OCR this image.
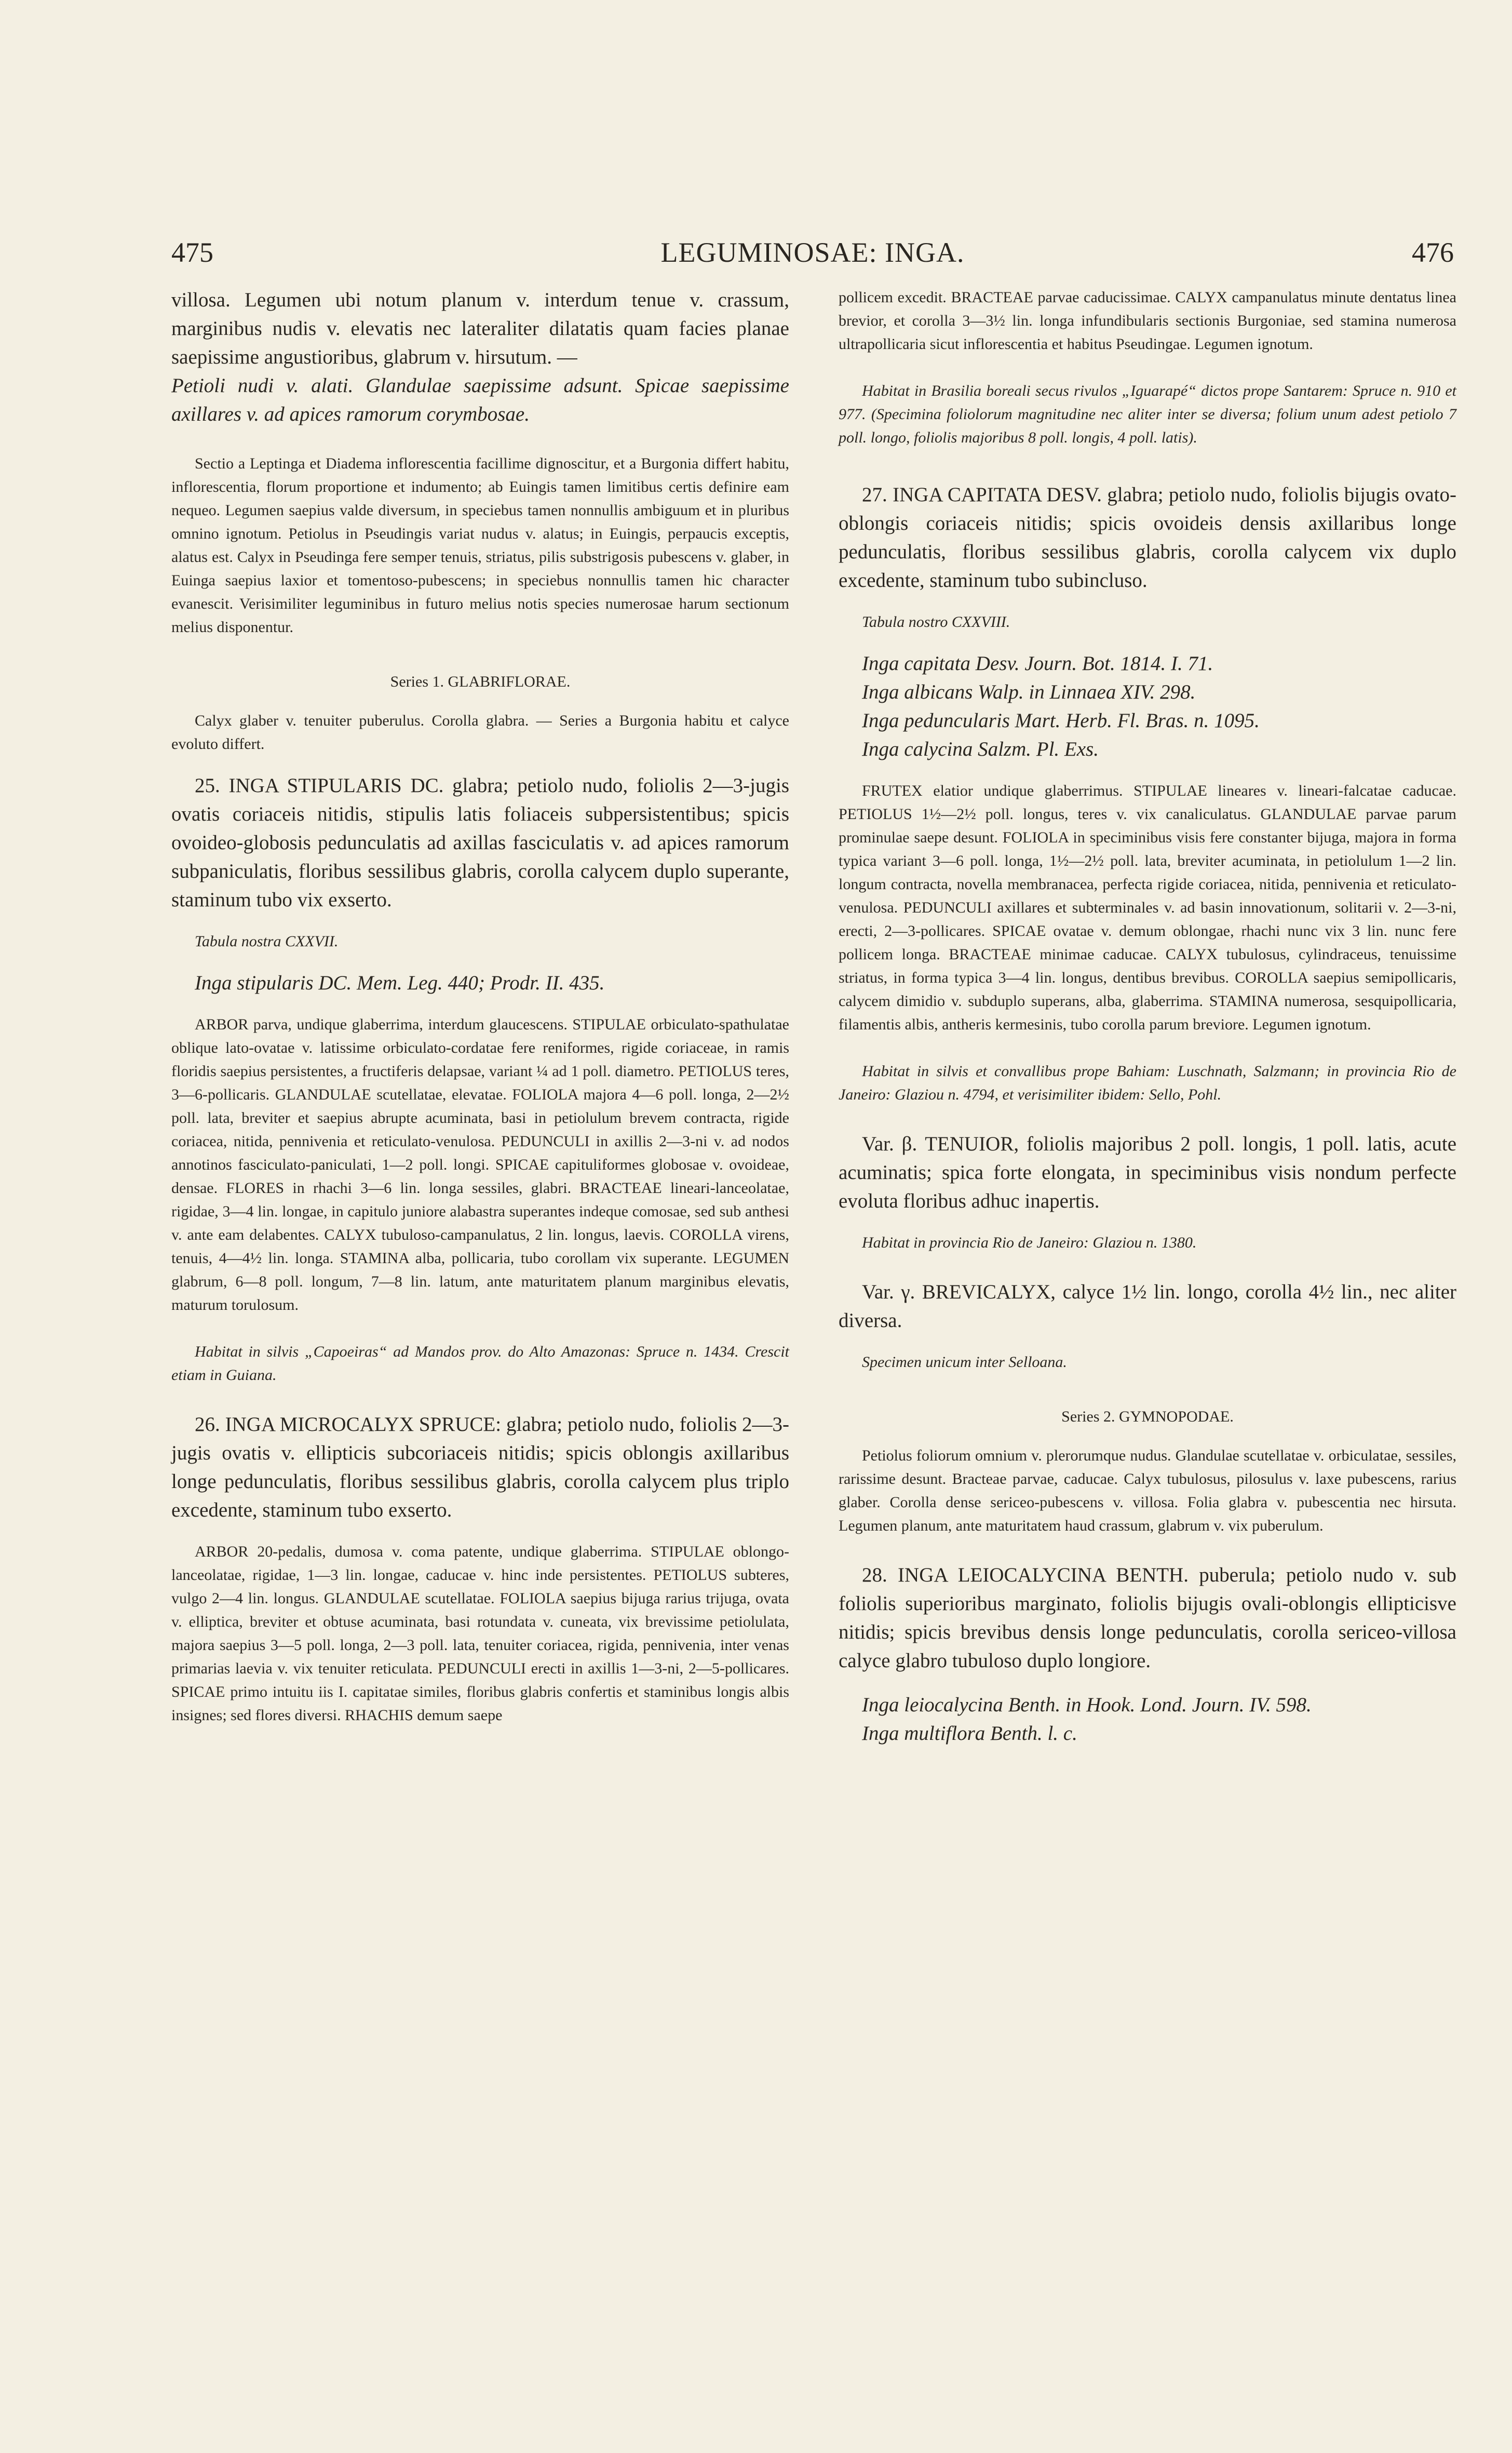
475	LEGUMINOSAE: INGA.	476

villosa. Legumen ubi notum planum v. interdum tenue v. crassum, marginibus nudis v. elevatis nec lateraliter dilatatis quam facies planae saepissime angustioribus, glabrum v. hirsutum. —

Petioli nudi v. alati. Glandulae saepissime adsunt. Spicae saepissime axillares v. ad apices ramorum corymbosae.

Sectio a Leptinga et Diadema inflorescentia facillime dignoscitur, et a Burgonia differt habitu, inflorescentia, florum proportione et indumento; ab Euingis tamen limitibus certis definire eam nequeo. Legumen saepius valde diversum, in speciebus tamen nonnullis ambiguum et in pluribus omnino ignotum. Petiolus in Pseudingis variat nudus v. alatus; in Euingis, perpaucis exceptis, alatus est. Calyx in Pseudinga fere semper tenuis, striatus, pilis substrigosis pubescens v. glaber, in Euinga saepius laxior et tomentoso-pubescens; in speciebus nonnullis tamen hic character evanescit. Verisimiliter leguminibus in futuro melius notis species numerosae harum sectionum melius disponentur.

Series 1. GLABRIFLORAE.

Calyx glaber v. tenuiter puberulus. Corolla glabra. — Series a Burgonia habitu et calyce evoluto differt.

25. INGA STIPULARIS DC. glabra; petiolo nudo, foliolis 2—3-jugis ovatis coriaceis nitidis, stipulis latis foliaceis subpersistentibus; spicis ovoideo-globosis pedunculatis ad axillas fasciculatis v. ad apices ramorum subpaniculatis, floribus sessilibus glabris, corolla calycem duplo superante, staminum tubo vix exserto.

Tabula nostra CXXVII.

Inga stipularis DC. Mem. Leg. 440; Prodr. II. 435.

ARBOR parva, undique glaberrima, interdum glaucescens. STIPULAE orbiculato-spathulatae oblique lato-ovatae v. latissime orbiculato-cordatae fere reniformes, rigide coriaceae, in ramis floridis saepius persistentes, a fructiferis delapsae, variant ¼ ad 1 poll. diametro. PETIOLUS teres, 3—6-pollicaris. GLANDULAE scutellatae, elevatae. FOLIOLA majora 4—6 poll. longa, 2—2½ poll. lata, breviter et saepius abrupte acuminata, basi in petiolulum brevem contracta, rigide coriacea, nitida, pennivenia et reticulato-venulosa. PEDUNCULI in axillis 2—3-ni v. ad nodos annotinos fasciculato-paniculati, 1—2 poll. longi. SPICAE capituliformes globosae v. ovoideae, densae. FLORES in rhachi 3—6 lin. longa sessiles, glabri. BRACTEAE lineari-lanceolatae, rigidae, 3—4 lin. longae, in capitulo juniore alabastra superantes indeque comosae, sed sub anthesi v. ante eam delabentes. CALYX tubuloso-campanulatus, 2 lin. longus, laevis. COROLLA virens, tenuis, 4—4½ lin. longa. STAMINA alba, pollicaria, tubo corollam vix superante. LEGUMEN glabrum, 6—8 poll. longum, 7—8 lin. latum, ante maturitatem planum marginibus elevatis, maturum torulosum.

Habitat in silvis „Capoeiras“ ad Mandos prov. do Alto Amazonas: Spruce n. 1434. Crescit etiam in Guiana.

26. INGA MICROCALYX SPRUCE: glabra; petiolo nudo, foliolis 2—3-jugis ovatis v. ellipticis subcoriaceis nitidis; spicis oblongis axillaribus longe pedunculatis, floribus sessilibus glabris, corolla calycem plus triplo excedente, staminum tubo exserto.

ARBOR 20-pedalis, dumosa v. coma patente, undique glaberrima. STIPULAE oblongo-lanceolatae, rigidae, 1—3 lin. longae, caducae v. hinc inde persistentes. PETIOLUS subteres, vulgo 2—4 lin. longus. GLANDULAE scutellatae. FOLIOLA saepius bijuga rarius trijuga, ovata v. elliptica, breviter et obtuse acuminata, basi rotundata v. cuneata, vix brevissime petiolulata, majora saepius 3—5 poll. longa, 2—3 poll. lata, tenuiter coriacea, rigida, pennivenia, inter venas primarias laevia v. vix tenuiter reticulata. PEDUNCULI erecti in axillis 1—3-ni, 2—5-pollicares. SPICAE primo intuitu iis I. capitatae similes, floribus glabris confertis et staminibus longis albis insignes; sed flores diversi. RHACHIS demum saepe

pollicem excedit. BRACTEAE parvae caducissimae. CALYX campanulatus minute dentatus linea brevior, et corolla 3—3½ lin. longa infundibularis sectionis Burgoniae, sed stamina numerosa ultrapollicaria sicut inflorescentia et habitus Pseudingae. Legumen ignotum.

Habitat in Brasilia boreali secus rivulos „Iguarapé“ dictos prope Santarem: Spruce n. 910 et 977. (Specimina foliolorum magnitudine nec aliter inter se diversa; folium unum adest petiolo 7 poll. longo, foliolis majoribus 8 poll. longis, 4 poll. latis).

27. INGA CAPITATA DESV. glabra; petiolo nudo, foliolis bijugis ovato-oblongis coriaceis nitidis; spicis ovoideis densis axillaribus longe pedunculatis, floribus sessilibus glabris, corolla calycem vix duplo excedente, staminum tubo subincluso.

Tabula nostro CXXVIII.

Inga capitata Desv. Journ. Bot. 1814. I. 71.

Inga albicans Walp. in Linnaea XIV. 298.

Inga peduncularis Mart. Herb. Fl. Bras. n. 1095.

Inga calycina Salzm. Pl. Exs.

FRUTEX elatior undique glaberrimus. STIPULAE lineares v. lineari-falcatae caducae. PETIOLUS 1½—2½ poll. longus, teres v. vix canaliculatus. GLANDULAE parvae parum prominulae saepe desunt. FOLIOLA in speciminibus visis fere constanter bijuga, majora in forma typica variant 3—6 poll. longa, 1½—2½ poll. lata, breviter acuminata, in petiolulum 1—2 lin. longum contracta, novella membranacea, perfecta rigide coriacea, nitida, pennivenia et reticulato-venulosa. PEDUNCULI axillares et subterminales v. ad basin innovationum, solitarii v. 2—3-ni, erecti, 2—3-pollicares. SPICAE ovatae v. demum oblongae, rhachi nunc vix 3 lin. nunc fere pollicem longa. BRACTEAE minimae caducae. CALYX tubulosus, cylindraceus, tenuissime striatus, in forma typica 3—4 lin. longus, dentibus brevibus. COROLLA saepius semipollicaris, calycem dimidio v. subduplo superans, alba, glaberrima. STAMINA numerosa, sesquipollicaria, filamentis albis, antheris kermesinis, tubo corolla parum breviore. Legumen ignotum.

Habitat in silvis et convallibus prope Bahiam: Luschnath, Salzmann; in provincia Rio de Janeiro: Glaziou n. 4794, et verisimiliter ibidem: Sello, Pohl.

Var. β. TENUIOR, foliolis majoribus 2 poll. longis, 1 poll. latis, acute acuminatis; spica forte elongata, in speciminibus visis nondum perfecte evoluta floribus adhuc inapertis.

Habitat in provincia Rio de Janeiro: Glaziou n. 1380.

Var. γ. BREVICALYX, calyce 1½ lin. longo, corolla 4½ lin., nec aliter diversa.

Specimen unicum inter Selloana.

Series 2. GYMNOPODAE.

Petiolus foliorum omnium v. plerorumque nudus. Glandulae scutellatae v. orbiculatae, sessiles, rarissime desunt. Bracteae parvae, caducae. Calyx tubulosus, pilosulus v. laxe pubescens, rarius glaber. Corolla dense sericeo-pubescens v. villosa. Folia glabra v. pubescentia nec hirsuta. Legumen planum, ante maturitatem haud crassum, glabrum v. vix puberulum.

28. INGA LEIOCALYCINA BENTH. puberula; petiolo nudo v. sub foliolis superioribus marginato, foliolis bijugis ovali-oblongis ellipticisve nitidis; spicis brevibus densis longe pedunculatis, corolla sericeo-villosa calyce glabro tubuloso duplo longiore.

Inga leiocalycina Benth. in Hook. Lond. Journ. IV. 598.

Inga multiflora Benth. l. c.
